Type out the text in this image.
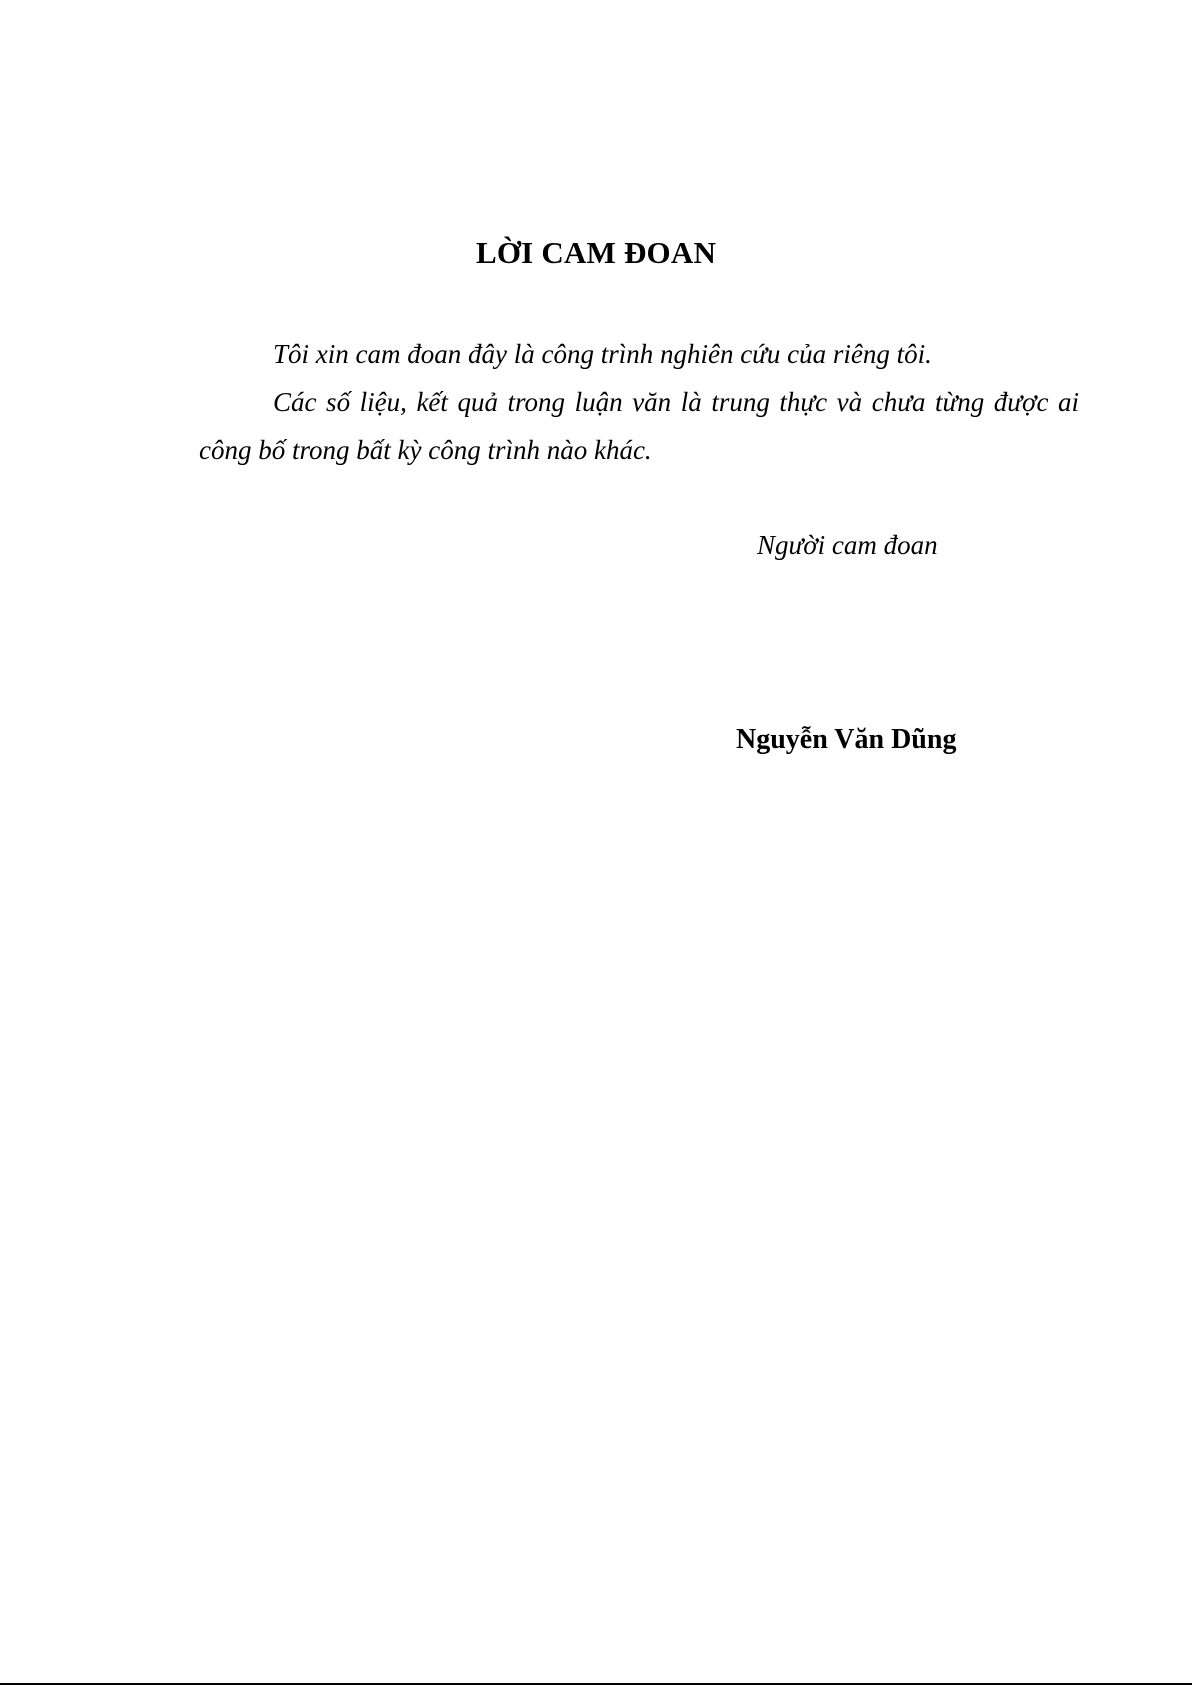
LỜI CAM ĐOAN

Tôi xin cam đoan đây là công trình nghiên cứu của riêng tôi.

Các số liệu, kết quả trong luận văn là trung thực và chưa từng được ai công bố trong bất kỳ công trình nào khác.

Người cam đoan
Nguyễn Văn Dũng
